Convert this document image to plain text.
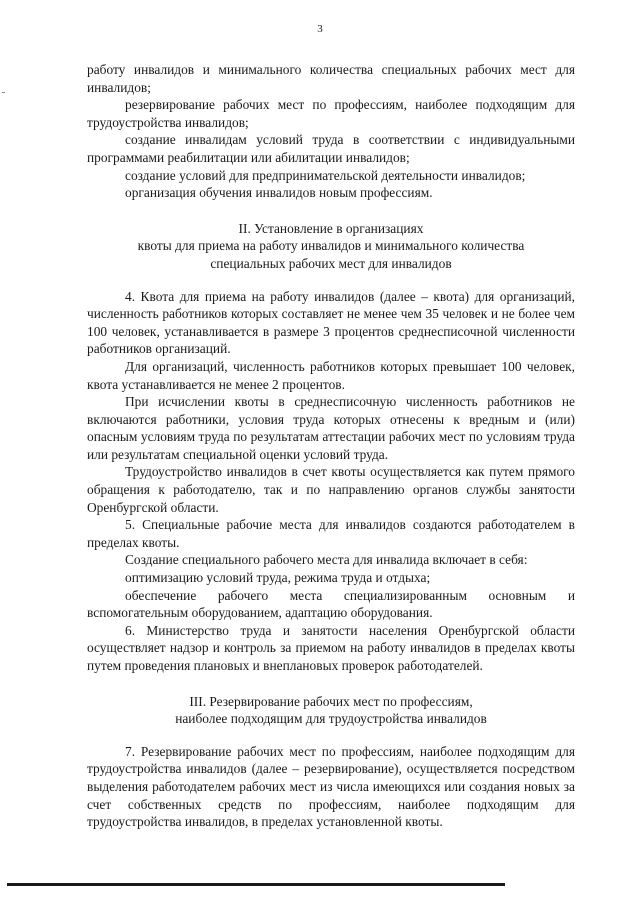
3

работу инвалидов и минимального количества специальных рабочих мест для инвалидов;

резервирование рабочих мест по профессиям, наиболее подходящим для трудоустройства инвалидов;

создание инвалидам условий труда в соответствии с индивидуальными программами реабилитации или абилитации инвалидов;

создание условий для предпринимательской деятельности инвалидов;

организация обучения инвалидов новым профессиям.

II. Установление в организациях
квоты для приема на работу инвалидов и минимального количества
специальных рабочих мест для инвалидов

4. Квота для приема на работу инвалидов (далее – квота) для организаций, численность работников которых составляет не менее чем 35 человек и не более чем 100 человек, устанавливается в размере 3 процентов среднесписочной численности работников организаций.

Для организаций, численность работников которых превышает 100 человек, квота устанавливается не менее 2 процентов.

При исчислении квоты в среднесписочную численность работников не включаются работники, условия труда которых отнесены к вредным и (или) опасным условиям труда по результатам аттестации рабочих мест по условиям труда или результатам специальной оценки условий труда.

Трудоустройство инвалидов в счет квоты осуществляется как путем прямого обращения к работодателю, так и по направлению органов службы занятости Оренбургской области.

5. Специальные рабочие места для инвалидов создаются работодателем в пределах квоты.

Создание специального рабочего места для инвалида включает в себя:

оптимизацию условий труда, режима труда и отдыха;

обеспечение рабочего места специализированным основным и вспомогательным оборудованием, адаптацию оборудования.

6. Министерство труда и занятости населения Оренбургской области осуществляет надзор и контроль за приемом на работу инвалидов в пределах квоты путем проведения плановых и внеплановых проверок работодателей.

III. Резервирование рабочих мест по профессиям,
наиболее подходящим для трудоустройства инвалидов

7. Резервирование рабочих мест по профессиям, наиболее подходящим для трудоустройства инвалидов (далее – резервирование), осуществляется посредством выделения работодателем рабочих мест из числа имеющихся или создания новых за счет собственных средств по профессиям, наиболее подходящим для трудоустройства инвалидов, в пределах установленной квоты.
